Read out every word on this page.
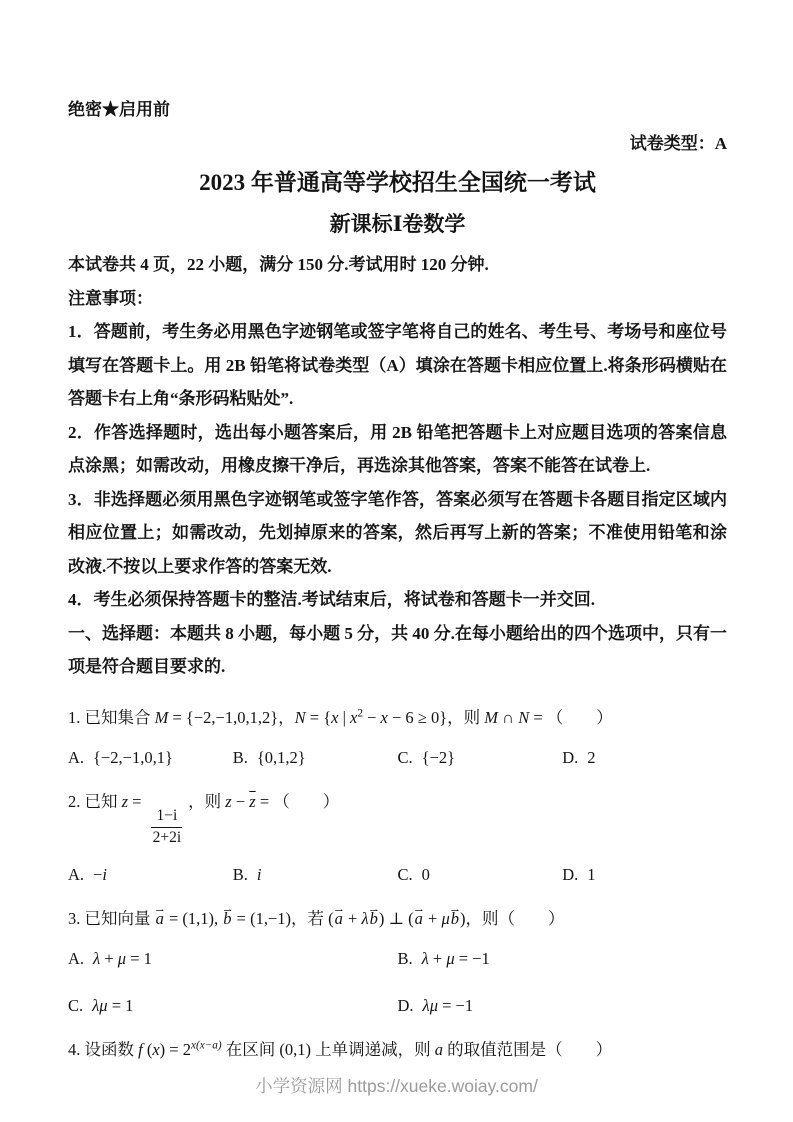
绝密★启用前
试卷类型：A
2023 年普通高等学校招生全国统一考试
新课标Ⅰ卷数学

本试卷共 4 页，22 小题，满分 150 分.考试用时 120 分钟.

注意事项：

1．答题前，考生务必用黑色字迹钢笔或签字笔将自己的姓名、考生号、考场号和座位号填写在答题卡上。用 2B 铅笔将试卷类型（A）填涂在答题卡相应位置上.将条形码横贴在答题卡右上角“条形码粘贴处”.

2．作答选择题时，选出每小题答案后，用 2B 铅笔把答题卡上对应题目选项的答案信息点涂黑；如需改动，用橡皮擦干净后，再选涂其他答案，答案不能答在试卷上.

3．非选择题必须用黑色字迹钢笔或签字笔作答，答案必须写在答题卡各题目指定区域内相应位置上；如需改动，先划掉原来的答案，然后再写上新的答案；不准使用铅笔和涂改液.不按以上要求作答的答案无效.

4．考生必须保持答题卡的整洁.考试结束后，将试卷和答题卡一并交回.

一、选择题：本题共 8 小题，每小题 5 分，共 40 分.在每小题给出的四个选项中，只有一项是符合题目要求的.

1. 已知集合 M = {−2,−1,0,1,2}，N = {x | $x^2 - x - 6 \ge 0$}，则 M ∩ N = （　　）
A. {−2,−1,0,1}	B. {0,1,2}	C. {−2}	D. 2
2. 已知 z =
$\frac{1-i}{2+2i}$
，则 $z - \overline{z}$ = （　　）
A. −i	B. i	C. 0	D. 1
3. 已知向量 a ⇀ = (1,1), b ⇀ = (1,−1)，若 (a ⇀ + λb ⇀) ⊥ (a ⇀ + μb ⇀)，则（　　）
A. λ + μ = 1	B. λ + μ = −1
C. λμ = 1	D. λμ = −1
4. 设函数 f $(x) = 2^{x(x-a)}$ 在区间 (0,1) 上单调递减，则 a 的取值范围是（　　）
小学资源网 https://xueke.woiay.com/
